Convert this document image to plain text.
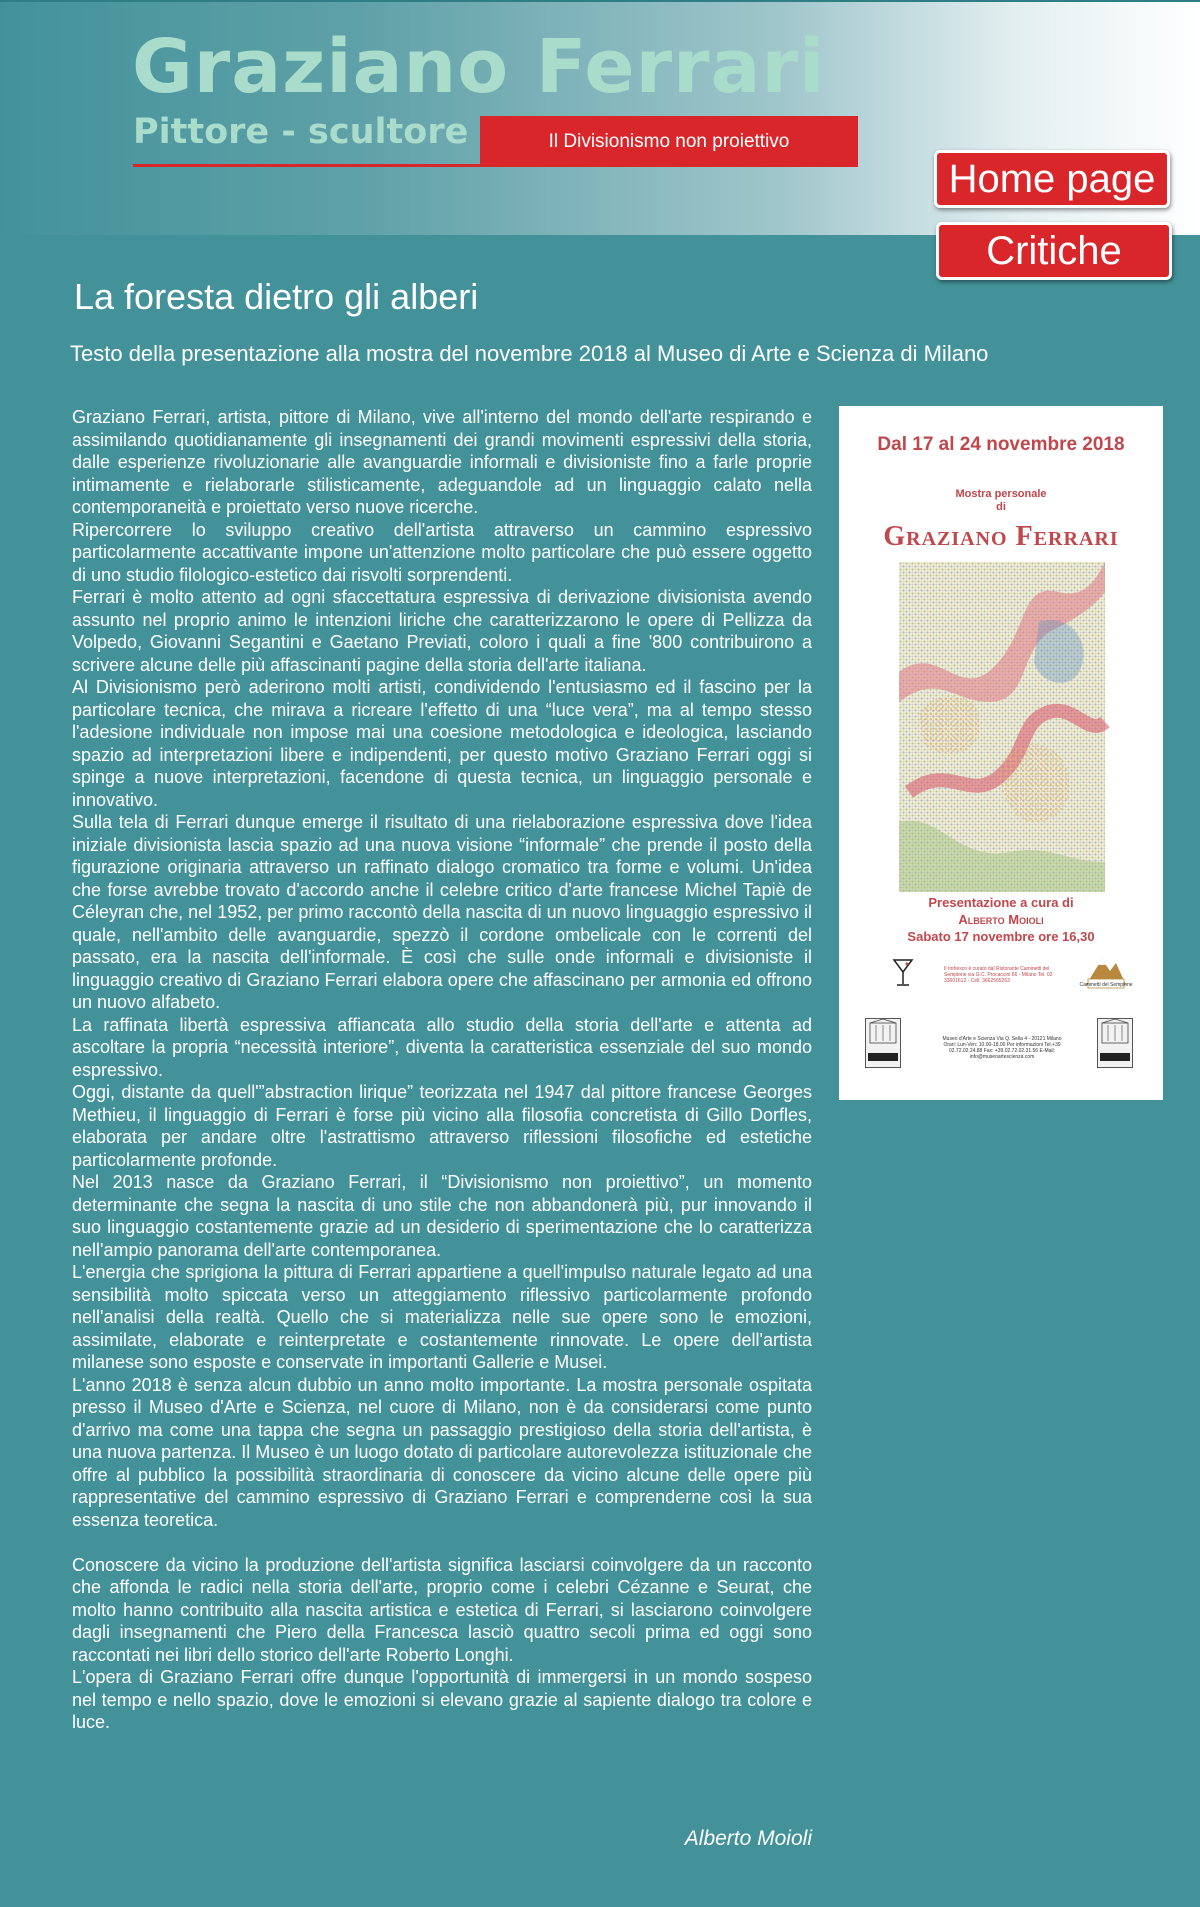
Graziano Ferrari
Pittore - scultore	Il Divisionismo non proiettivo
Home page
Critiche
La foresta dietro gli alberi
Testo della presentazione alla mostra del novembre 2018 al Museo di Arte e Scienza di Milano

Graziano Ferrari, artista, pittore di Milano, vive all'interno del mondo dell'arte respirando e assimilando quotidianamente gli insegnamenti dei grandi movimenti espressivi della storia, dalle esperienze rivoluzionarie alle avanguardie informali e divisioniste fino a farle proprie intimamente e rielaborarle stilisticamente, adeguandole ad un linguaggio calato nella contemporaneità e proiettato verso nuove ricerche.

Ripercorrere lo sviluppo creativo dell'artista attraverso un cammino espressivo particolarmente accattivante impone un'attenzione molto particolare che può essere oggetto di uno studio filologico-estetico dai risvolti sorprendenti.

Ferrari è molto attento ad ogni sfaccettatura espressiva di derivazione divisionista avendo assunto nel proprio animo le intenzioni liriche che caratterizzarono le opere di Pellizza da Volpedo, Giovanni Segantini e Gaetano Previati, coloro i quali a fine '800 contribuirono a scrivere alcune delle più affascinanti pagine della storia dell'arte italiana.

Al Divisionismo però aderirono molti artisti, condividendo l'entusiasmo ed il fascino per la particolare tecnica, che mirava a ricreare l'effetto di una “luce vera”, ma al tempo stesso l'adesione individuale non impose mai una coesione metodologica e ideologica, lasciando spazio ad interpretazioni libere e indipendenti, per questo motivo Graziano Ferrari oggi si spinge a nuove interpretazioni, facendone di questa tecnica, un linguaggio personale e innovativo.

Sulla tela di Ferrari dunque emerge il risultato di una rielaborazione espressiva dove l'idea iniziale divisionista lascia spazio ad una nuova visione “informale” che prende il posto della figurazione originaria attraverso un raffinato dialogo cromatico tra forme e volumi. Un'idea che forse avrebbe trovato d'accordo anche il celebre critico d'arte francese Michel Tapiè de Céleyran che, nel 1952, per primo raccontò della nascita di un nuovo linguaggio espressivo il quale, nell'ambito delle avanguardie, spezzò il cordone ombelicale con le correnti del passato, era la nascita dell'informale. È così che sulle onde informali e divisioniste il linguaggio creativo di Graziano Ferrari elabora opere che affascinano per armonia ed offrono un nuovo alfabeto.

La raffinata libertà espressiva affiancata allo studio della storia dell'arte e attenta ad ascoltare la propria “necessità interiore”, diventa la caratteristica essenziale del suo mondo espressivo.

Oggi, distante da quell'”abstraction lirique” teorizzata nel 1947 dal pittore francese Georges Methieu, il linguaggio di Ferrari è forse più vicino alla filosofia concretista di Gillo Dorfles, elaborata per andare oltre l'astrattismo attraverso riflessioni filosofiche ed estetiche particolarmente profonde.

Nel 2013 nasce da Graziano Ferrari, il “Divisionismo non proiettivo”, un momento determinante che segna la nascita di uno stile che non abbandonerà più, pur innovando il suo linguaggio costantemente grazie ad un desiderio di sperimentazione che lo caratterizza nell'ampio panorama dell'arte contemporanea.

L'energia che sprigiona la pittura di Ferrari appartiene a quell'impulso naturale legato ad una sensibilità molto spiccata verso un atteggiamento riflessivo particolarmente profondo nell'analisi della realtà. Quello che si materializza nelle sue opere sono le emozioni, assimilate, elaborate e reinterpretate e costantemente rinnovate. Le opere dell'artista milanese sono esposte e conservate in importanti Gallerie e Musei.

L'anno 2018 è senza alcun dubbio un anno molto importante. La mostra personale ospitata presso il Museo d'Arte e Scienza, nel cuore di Milano, non è da considerarsi come punto d'arrivo ma come una tappa che segna un passaggio prestigioso della storia dell'artista, è una nuova partenza. Il Museo è un luogo dotato di particolare autorevolezza istituzionale che offre al pubblico la possibilità straordinaria di conoscere da vicino alcune delle opere più rappresentative del cammino espressivo di Graziano Ferrari e comprenderne così la sua essenza teoretica.

Conoscere da vicino la produzione dell'artista significa lasciarsi coinvolgere da un racconto che affonda le radici nella storia dell'arte, proprio come i celebri Cézanne e Seurat, che molto hanno contribuito alla nascita artistica e estetica di Ferrari, si lasciarono coinvolgere dagli insegnamenti che Piero della Francesca lasciò quattro secoli prima ed oggi sono raccontati nei libri dello storico dell'arte Roberto Longhi.

L'opera di Graziano Ferrari offre dunque l'opportunità di immergersi in un mondo sospeso nel tempo e nello spazio, dove le emozioni si elevano grazie al sapiente dialogo tra colore e luce.

Alberto Moioli
Dal 17 al 24 novembre 2018
Mostra personale
di
Graziano Ferrari
Presentazione a cura di
Alberto Moioli
Sabato 17 novembre ore 16,30
Il rinfresco è curato dal Ristorante Caminetti del Sempione via G.C. Procaccini 66 - Milano Tel. 02 33601612 - Cell. 3662565263
Caminetti del Sempione
Museo d'Arte e Scienza Via Q. Sella 4 - 20121 Milano Orari: Lun-Ven: 10.00-18.00 Per informazioni Tel.+39 02.72.02.24.88 Fax: +39.02.72.02.31.56 E-Mail: info@museoarte​scienza.com
